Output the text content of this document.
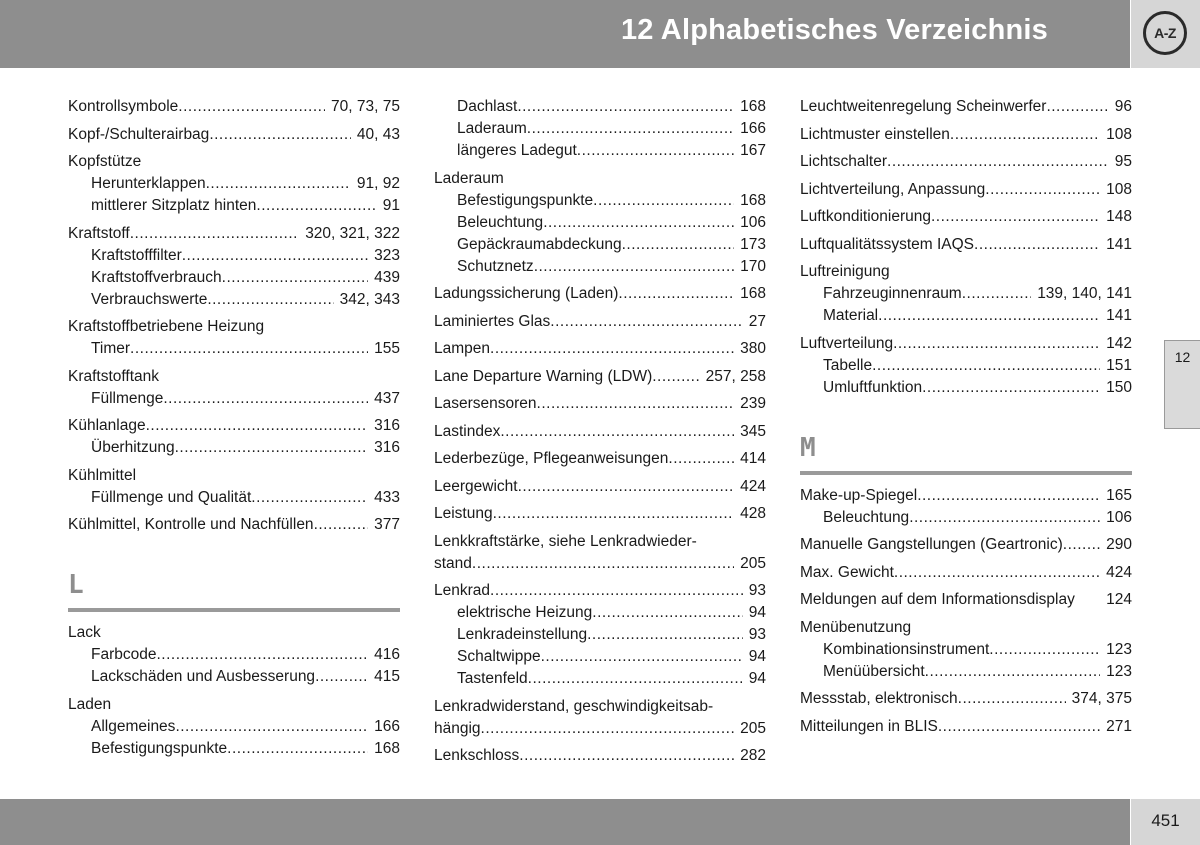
12 Alphabetisches Verzeichnis	A-Z
Kontrollsymbole .....	70, 73, 75
Kopf-/Schulterairbag .....	40, 43
Kopfstütze
Herunterklappen .....	91, 92
mittlerer Sitzplatz hinten .....	91
Kraftstoff .....	320, 321, 322
Kraftstofffilter .....	323
Kraftstoffverbrauch .....	439
Verbrauchswerte .....	342, 343
Kraftstoffbetriebene Heizung
Timer .....	155
Kraftstofftank
Füllmenge .....	437
Kühlanlage .....	316
Überhitzung .....	316
Kühlmittel
Füllmenge und Qualität .....	433
Kühlmittel, Kontrolle und Nachfüllen .....	377
L
Lack
Farbcode .....	416
Lackschäden und Ausbesserung .....	415
Laden
Allgemeines .....	166
Befestigungspunkte .....	168
Dachlast .....	168
Laderaum .....	166
längeres Ladegut .....	167
Laderaum
Befestigungspunkte .....	168
Beleuchtung .....	106
Gepäckraumabdeckung .....	173
Schutznetz .....	170
Ladungssicherung (Laden) .....	168
Laminiertes Glas .....	27
Lampen .....	380
Lane Departure Warning (LDW) .....	257, 258
Lasersensoren .....	239
Lastindex .....	345
Lederbezüge, Pflegeanweisungen .....	414
Leergewicht .....	424
Leistung .....	428
Lenkkraftstärke, siehe Lenkradwieder-
stand .....	205
Lenkrad .....	93
elektrische Heizung .....	94
Lenkradeinstellung .....	93
Schaltwippe .....	94
Tastenfeld .....	94
Lenkradwiderstand, geschwindigkeitsab-
hängig .....	205
Lenkschloss .....	282
Leuchtweitenregelung Scheinwerfer .....	96
Lichtmuster einstellen .....	108
Lichtschalter .....	95
Lichtverteilung, Anpassung .....	108
Luftkonditionierung .....	148
Luftqualitätssystem IAQS .....	141
Luftreinigung
Fahrzeuginnenraum .....	139, 140, 141
Material .....	141
Luftverteilung .....	142
Tabelle .....	151
Umluftfunktion .....	150
M
Make-up-Spiegel .....	165
Beleuchtung .....	106
Manuelle Gangstellungen (Geartronic) .....	290
Max. Gewicht .....	424
Meldungen auf dem Informationsdisplay	124
Menübenutzung
Kombinationsinstrument .....	123
Menüübersicht .....	123
Messstab, elektronisch .....	374, 375
Mitteilungen in BLIS .....	271
12
451
